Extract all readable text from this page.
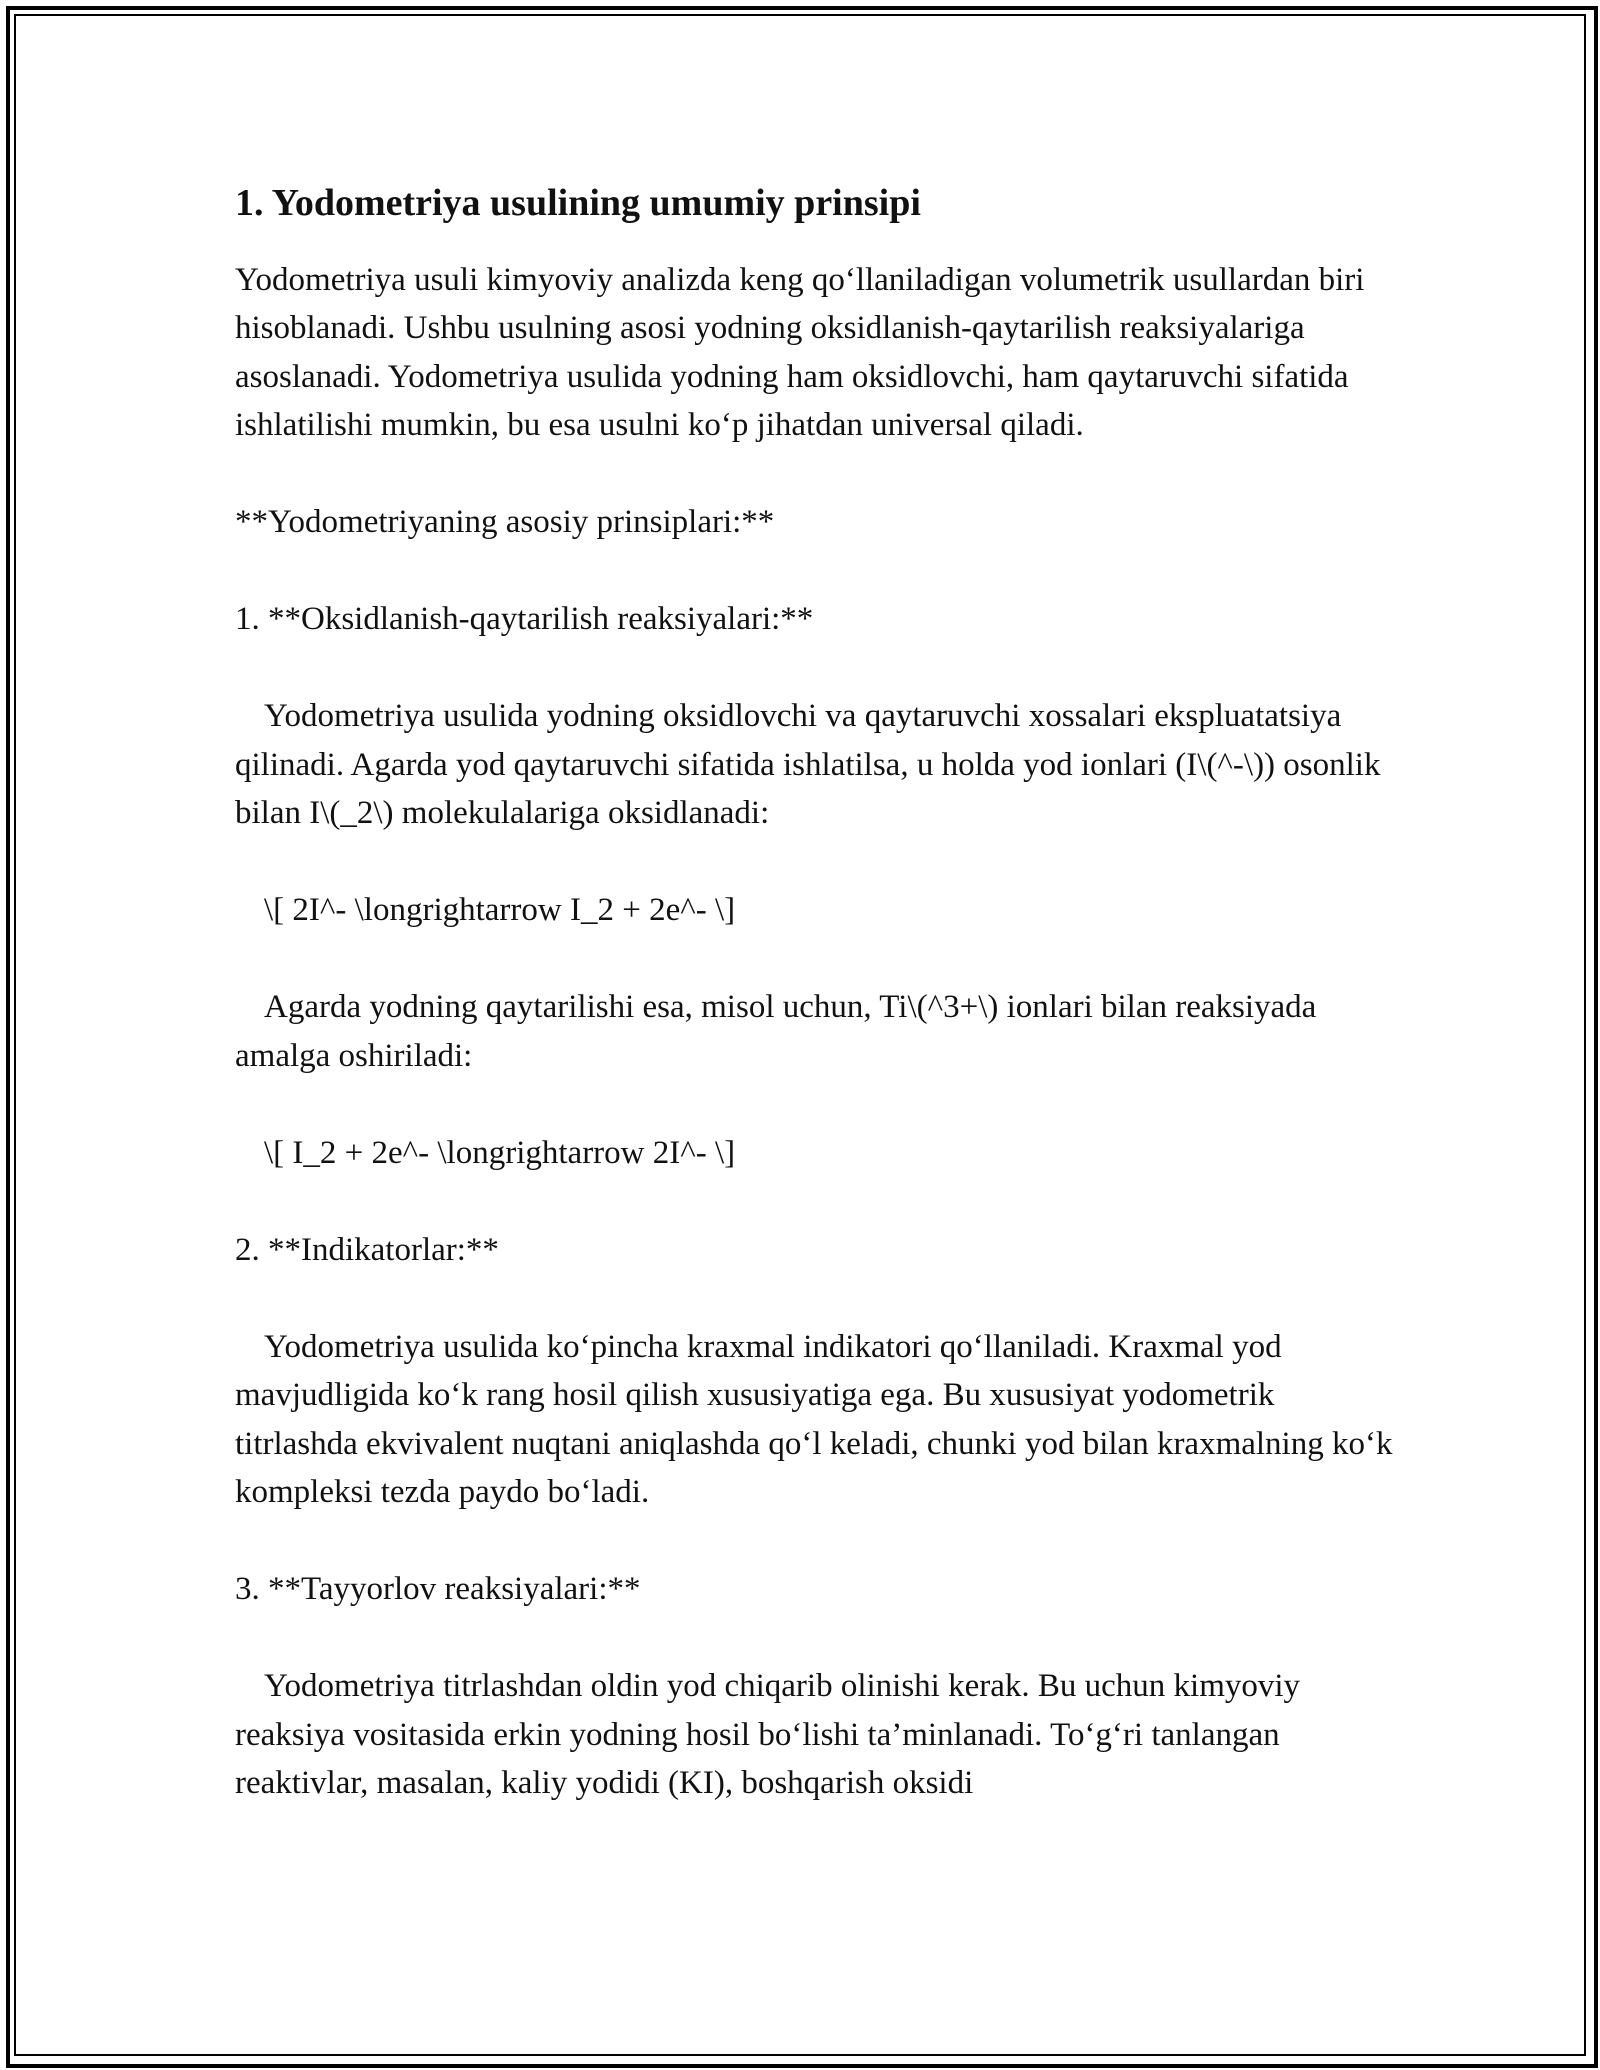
1. Yodometriya usulining umumiy prinsipi

Yodometriya usuli kimyoviy analizda keng qo‘llaniladigan volumetrik usullardan biri hisoblanadi. Ushbu usulning asosi yodning oksidlanish-qaytarilish reaksiyalariga asoslanadi. Yodometriya usulida yodning ham oksidlovchi, ham qaytaruvchi sifatida ishlatilishi mumkin, bu esa usulni ko‘p jihatdan universal qiladi.

**Yodometriyaning asosiy prinsiplari:**

1. **Oksidlanish-qaytarilish reaksiyalari:**

Yodometriya usulida yodning oksidlovchi va qaytaruvchi xossalari ekspluatatsiya qilinadi. Agarda yod qaytaruvchi sifatida ishlatilsa, u holda yod ionlari (I\(^-\)) osonlik bilan I\(_2\) molekulalariga oksidlanadi:

\[ 2I^- \longrightarrow I_2 + 2e^- \]

Agarda yodning qaytarilishi esa, misol uchun, Ti\(^3+\) ionlari bilan reaksiyada amalga oshiriladi:

\[ I_2 + 2e^- \longrightarrow 2I^- \]

2. **Indikatorlar:**

Yodometriya usulida ko‘pincha kraxmal indikatori qo‘llaniladi. Kraxmal yod mavjudligida ko‘k rang hosil qilish xususiyatiga ega. Bu xususiyat yodometrik titrlashda ekvivalent nuqtani aniqlashda qo‘l keladi, chunki yod bilan kraxmalning ko‘k kompleksi tezda paydo bo‘ladi.

3. **Tayyorlov reaksiyalari:**

Yodometriya titrlashdan oldin yod chiqarib olinishi kerak. Bu uchun kimyoviy reaksiya vositasida erkin yodning hosil bo‘lishi ta’minlanadi. To‘g‘ri tanlangan reaktivlar, masalan, kaliy yodidi (KI), boshqarish oksidi
